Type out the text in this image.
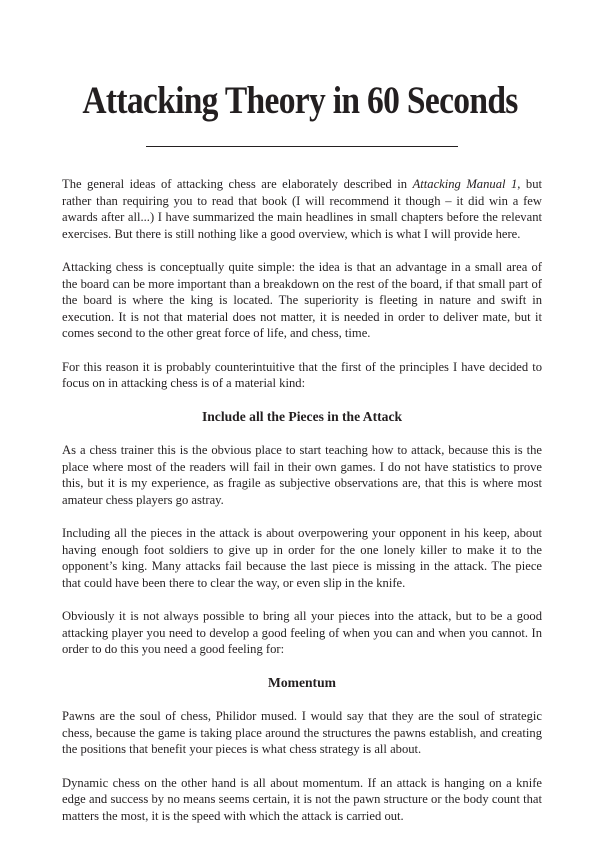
Attacking Theory in 60 Seconds

The general ideas of attacking chess are elaborately described in Attacking Manual 1, but rather than requiring you to read that book (I will recommend it though – it did win a few awards after all...) I have summarized the main headlines in small chapters before the relevant exercises. But there is still nothing like a good overview, which is what I will provide here.

Attacking chess is conceptually quite simple: the idea is that an advantage in a small area of the board can be more important than a breakdown on the rest of the board, if that small part of the board is where the king is located. The superiority is fleeting in nature and swift in execution. It is not that material does not matter, it is needed in order to deliver mate, but it comes second to the other great force of life, and chess, time.

For this reason it is probably counterintuitive that the first of the principles I have decided to focus on in attacking chess is of a material kind:

Include all the Pieces in the Attack

As a chess trainer this is the obvious place to start teaching how to attack, because this is the place where most of the readers will fail in their own games. I do not have statistics to prove this, but it is my experience, as fragile as subjective observations are, that this is where most amateur chess players go astray.

Including all the pieces in the attack is about overpowering your opponent in his keep, about having enough foot soldiers to give up in order for the one lonely killer to make it to the opponent’s king. Many attacks fail because the last piece is missing in the attack. The piece that could have been there to clear the way, or even slip in the knife.

Obviously it is not always possible to bring all your pieces into the attack, but to be a good attacking player you need to develop a good feeling of when you can and when you cannot. In order to do this you need a good feeling for:

Momentum

Pawns are the soul of chess, Philidor mused. I would say that they are the soul of strategic chess, because the game is taking place around the structures the pawns establish, and creating the positions that benefit your pieces is what chess strategy is all about.

Dynamic chess on the other hand is all about momentum. If an attack is hanging on a knife edge and success by no means seems certain, it is not the pawn structure or the body count that matters the most, it is the speed with which the attack is carried out.
